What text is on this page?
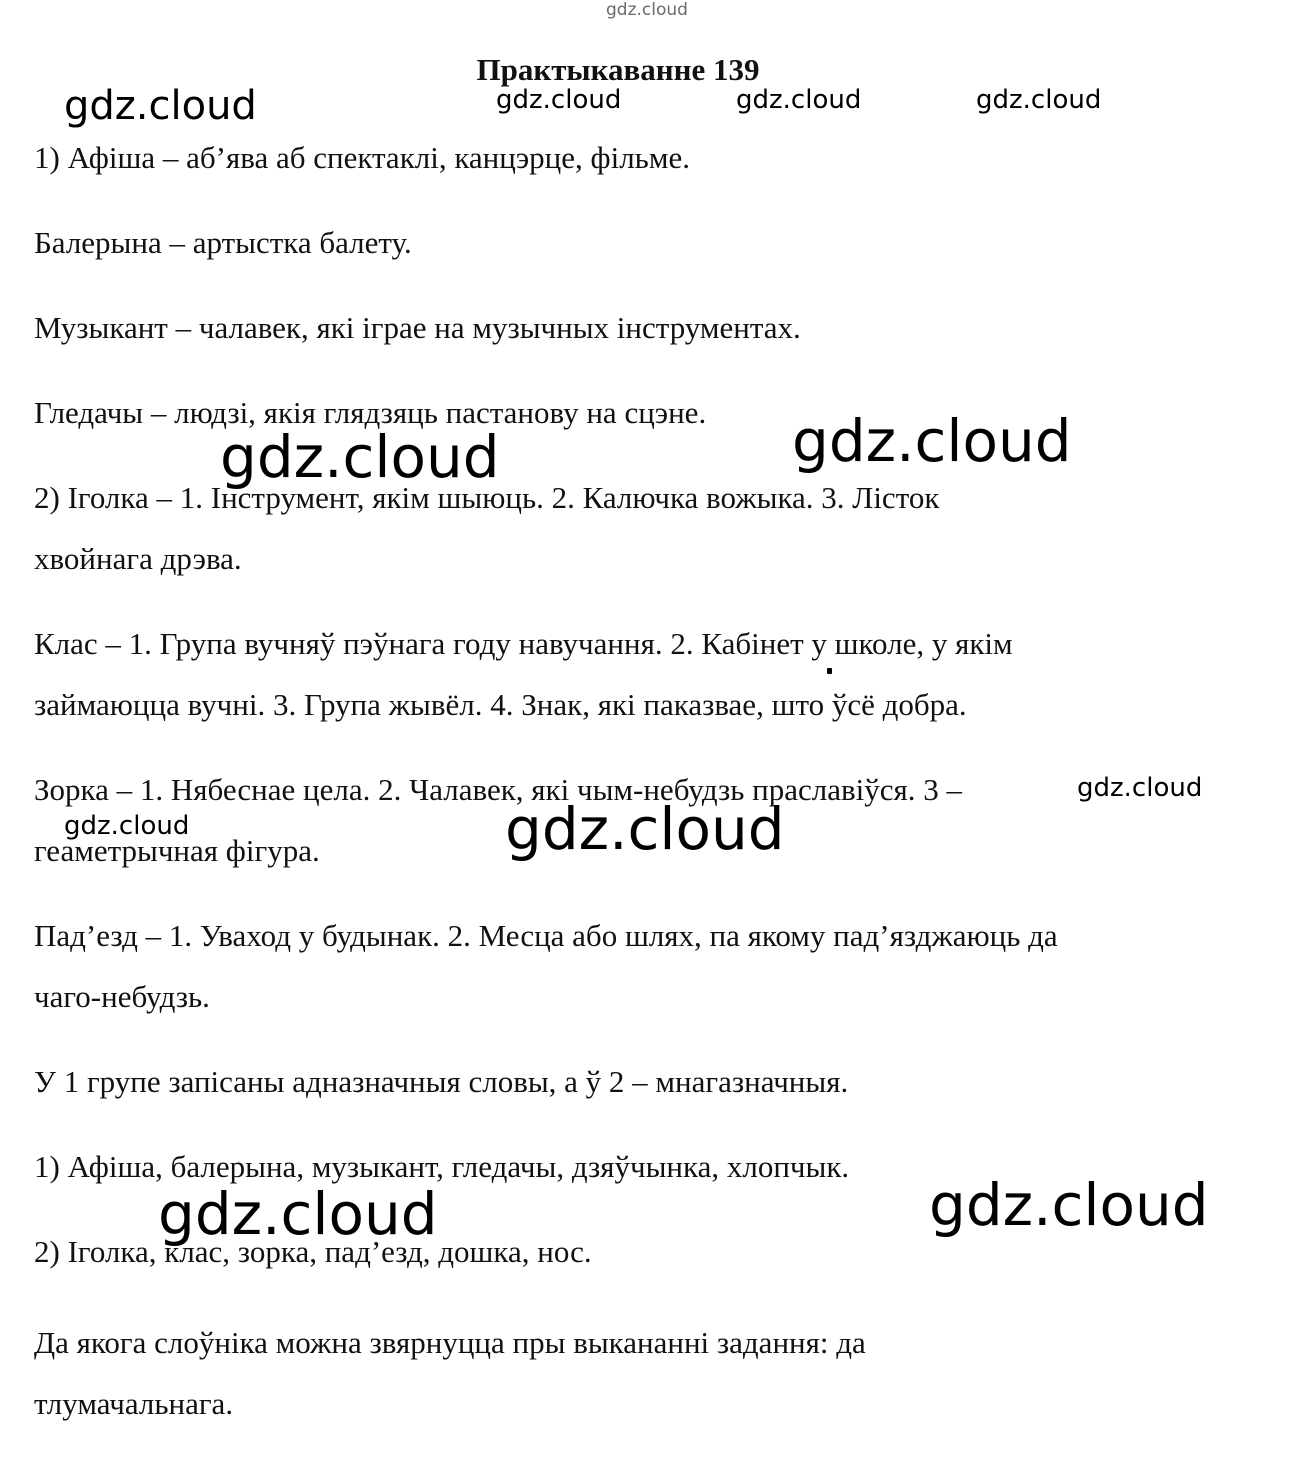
Практыкаванне 139
1) Афіша – аб’ява аб спектаклі, канцэрце, фільме.
Балерына – артыстка балету.
Музыкант – чалавек, які іграе на музычных інструментах.
Гледачы – людзі, якія глядзяць пастанову на сцэне.
2) Іголка – 1. Інструмент, якім шыюць. 2. Калючка вожыка. 3. Лісток
хвойнага дрэва.
Клас – 1. Група вучняў пэўнага году навучання. 2. Кабінет у школе, у якім
займаюцца вучні. 3. Група жывёл. 4. Знак, які паказвае, што ўсё добра.
Зорка – 1. Нябеснае цела. 2. Чалавек, які чым-небудзь праславіўся. 3 –
геаметрычная фігура.
Пад’езд – 1. Уваход у будынак. 2. Месца або шлях, па якому пад’язджаюць да
чаго-небудзь.
У 1 групе запісаны адназначныя словы, а ў 2 – мнагазначныя.
1) Афіша, балерына, музыкант, гледачы, дзяўчынка, хлопчык.
2) Іголка, клас, зорка, пад’езд, дошка, нос.
Да якога слоўніка можна звярнуцца пры выкананні задання: да
тлумачальнага.
gdz.cloud
gdz.cloud	gdz.cloud	gdz.cloud	gdz.cloud
gdz.cloud
gdz.cloud
gdz.cloud
gdz.cloud
gdz.cloud
gdz.cloud
gdz.cloud
